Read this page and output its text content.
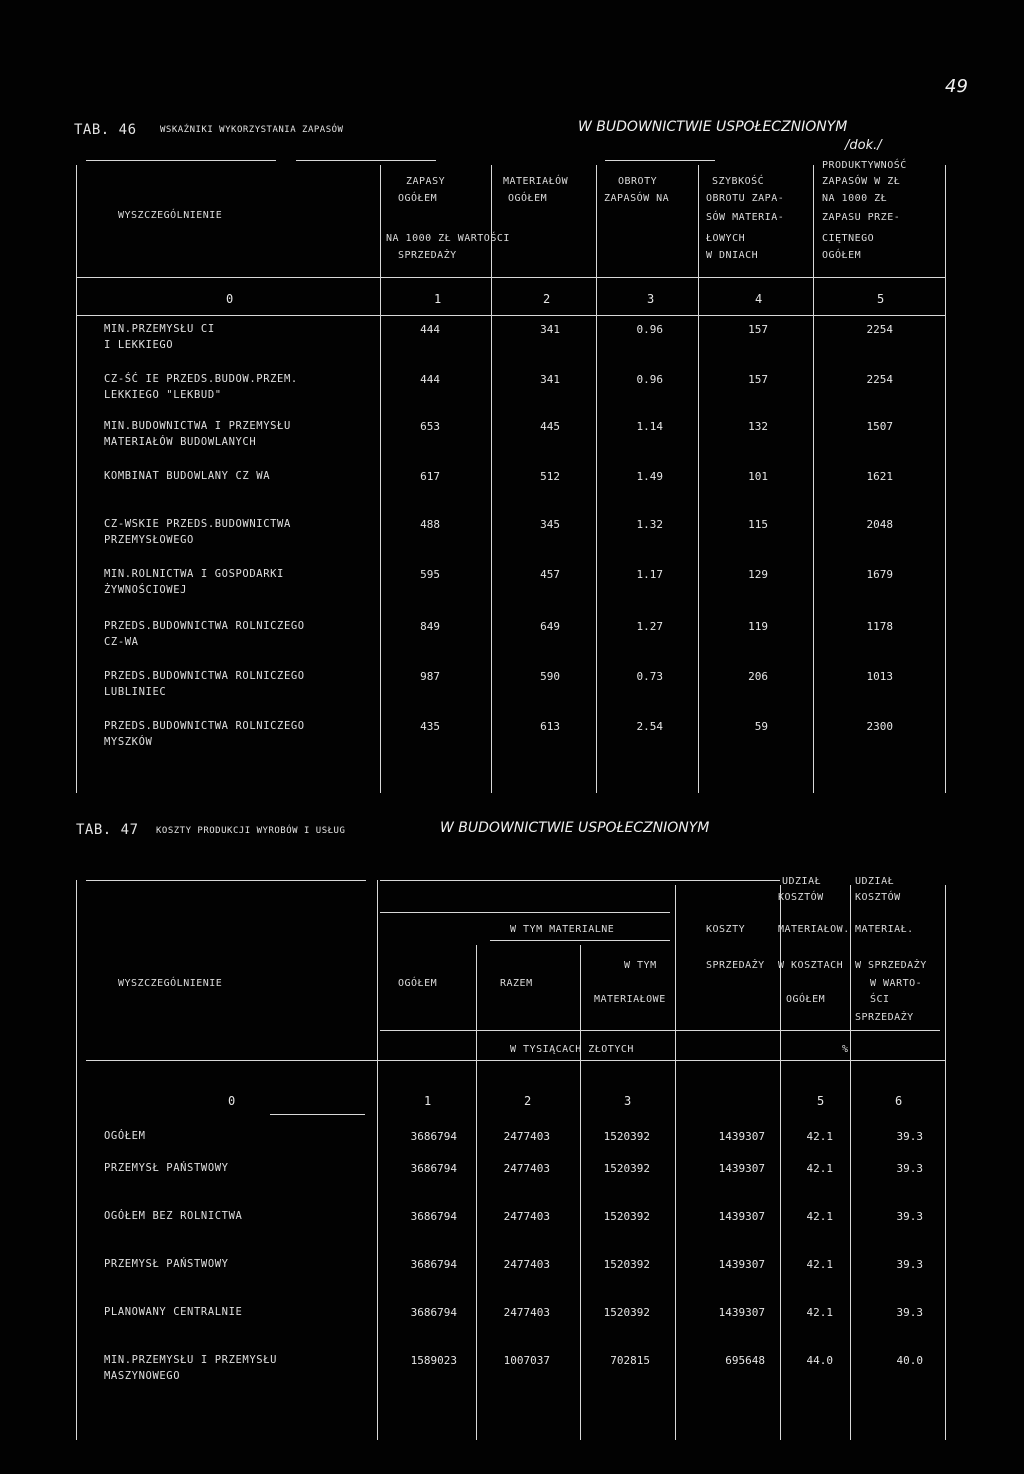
49
TAB. 46	WSKAŹNIKI WYKORZYSTANIA ZAPASÓW	W BUDOWNICTWIE USPOŁECZNIONYM
/dok./
WYSZCZEGÓLNIENIE
ZAPASY
OGÓŁEM
NA 1000 ZŁ WARTOŚCI
SPRZEDAŻY
MATERIAŁÓW
OGÓŁEM
OBROTY
ZAPASÓW NA
SZYBKOŚĆ
OBROTU ZAPA-
SÓW MATERIA-
ŁOWYCH
W DNIACH
PRODUKTYWNOŚĆ
ZAPASÓW W ZŁ
NA 1000 ZŁ
ZAPASU PRZE-
CIĘTNEGO
OGÓŁEM
0	1	2	3	4	5
MIN.PRZEMYSŁU CI
I LEKKIEGO
444	341	0.96	157	2254
CZ-ŚĆ IE PRZEDS.BUDOW.PRZEM.
LEKKIEGO "LEKBUD"
444	341	0.96	157	2254
MIN.BUDOWNICTWA I PRZEMYSŁU
MATERIAŁÓW BUDOWLANYCH
653	445	1.14	132	1507
KOMBINAT BUDOWLANY CZ WA	617	512	1.49	101	1621
CZ-WSKIE PRZEDS.BUDOWNICTWA
PRZEMYSŁOWEGO
488	345	1.32	115	2048
MIN.ROLNICTWA I GOSPODARKI
ŻYWNOŚCIOWEJ
595	457	1.17	129	1679
PRZEDS.BUDOWNICTWA ROLNICZEGO
CZ-WA
849	649	1.27	119	1178
PRZEDS.BUDOWNICTWA ROLNICZEGO
LUBLINIEC
987	590	0.73	206	1013
PRZEDS.BUDOWNICTWA ROLNICZEGO
MYSZKÓW
435	613	2.54	59	2300
TAB. 47 KOSZTY PRODUKCJI WYROBÓW I USŁUG	W BUDOWNICTWIE USPOŁECZNIONYM
WYSZCZEGÓLNIENIE	OGÓŁEM
W TYM MATERIALNE
RAZEM
W TYM
MATERIAŁOWE
KOSZTY
SPRZEDAŻY
UDZIAŁ
KOSZTÓW
MATERIAŁOW.
W KOSZTACH
OGÓŁEM
UDZIAŁ
KOSZTÓW
MATERIAŁ.
W SPRZEDAŻY
W WARTO-
ŚCI
SPRZEDAŻY
W TYSIĄCACH ZŁOTYCH	%
0	1	2	3	5	6
OGÓŁEM	3686794	2477403	1520392	1439307	42.1	39.3
PRZEMYSŁ PAŃSTWOWY	3686794	2477403	1520392	1439307	42.1	39.3
OGÓŁEM BEZ ROLNICTWA	3686794	2477403	1520392	1439307	42.1	39.3
PRZEMYSŁ PAŃSTWOWY	3686794	2477403	1520392	1439307	42.1	39.3
PLANOWANY CENTRALNIE	3686794	2477403	1520392	1439307	42.1	39.3
MIN.PRZEMYSŁU I PRZEMYSŁU
MASZYNOWEGO
1589023	1007037	702815	695648	44.0	40.0
